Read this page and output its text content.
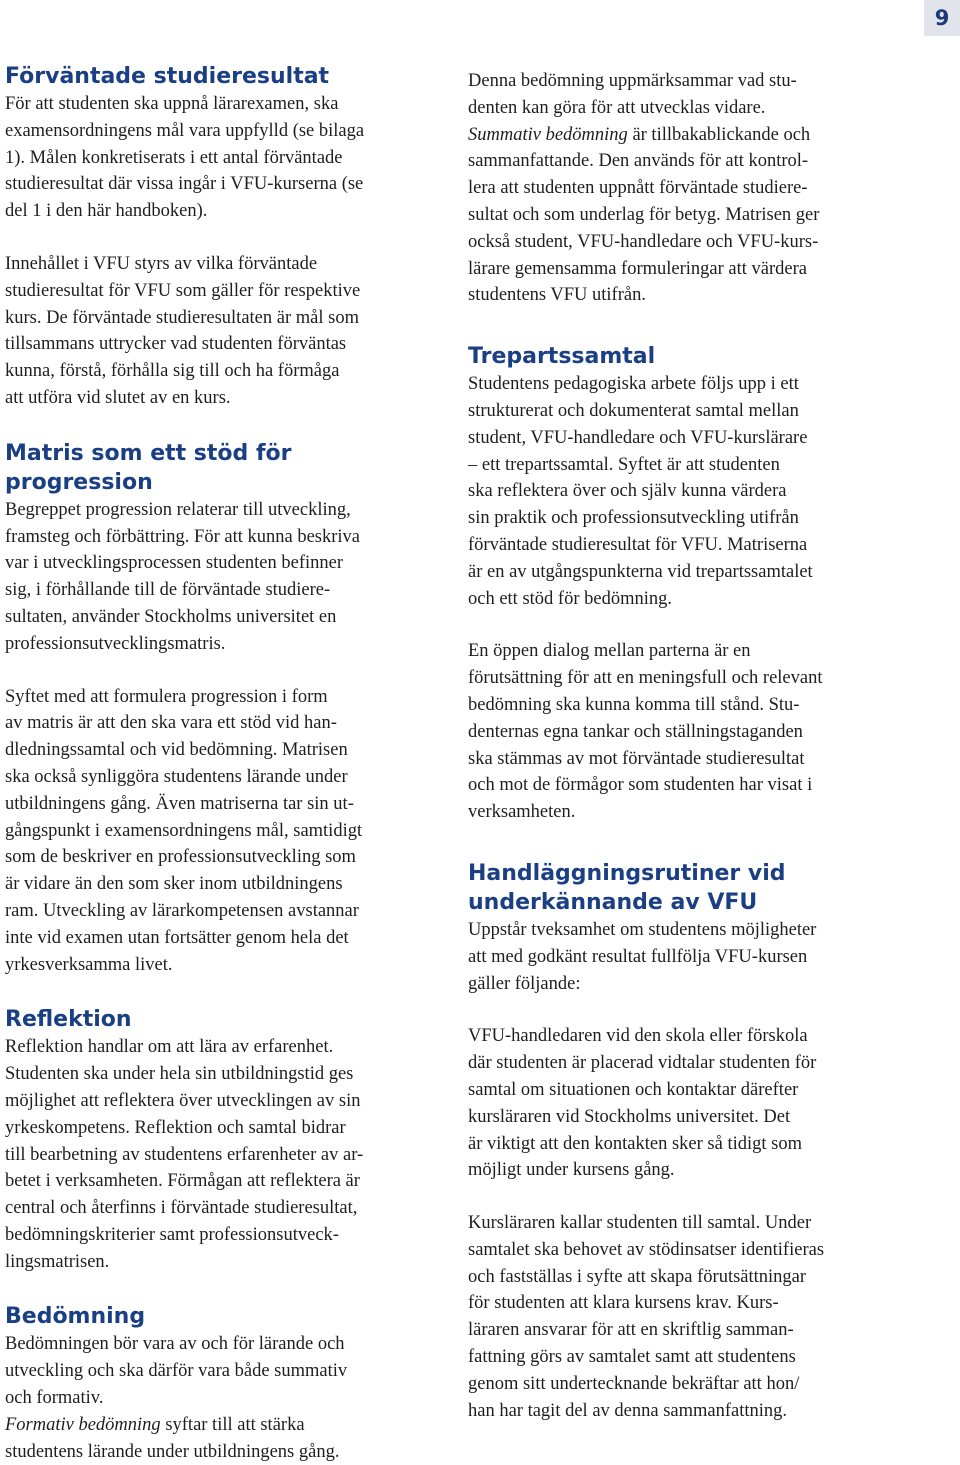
9
Förväntade studieresultat

För att studenten ska uppnå lärarexamen, ska
examensordningens mål vara uppfylld (se bilaga
1). Målen konkretiserats i ett antal förväntade
studieresultat där vissa ingår i VFU-kurserna (se
del 1 i den här handboken).

Innehållet i VFU styrs av vilka förväntade
studieresultat för VFU som gäller för respektive
kurs. De förväntade studieresultaten är mål som
tillsammans uttrycker vad studenten förväntas
kunna, förstå, förhålla sig till och ha förmåga
att utföra vid slutet av en kurs.

Matris som ett stöd för progression

Begreppet progression relaterar till utveckling,
framsteg och förbättring. För att kunna beskriva
var i utvecklingsprocessen studenten befinner
sig, i förhållande till de förväntade studiere-
sultaten, använder Stockholms universitet en
professionsutvecklingsmatris.

Syftet med att formulera progression i form
av matris är att den ska vara ett stöd vid han-
dledningssamtal och vid bedömning. Matrisen
ska också synliggöra studentens lärande under
utbildningens gång. Även matriserna tar sin ut-
gångspunkt i examensordningens mål, samtidigt
som de beskriver en professionsutveckling som
är vidare än den som sker inom utbildningens
ram. Utveckling av lärarkompetensen avstannar
inte vid examen utan fortsätter genom hela det
yrkesverksamma livet.

Reflektion

Reflektion handlar om att lära av erfarenhet.
Studenten ska under hela sin utbildningstid ges
möjlighet att reflektera över utvecklingen av sin
yrkeskompetens. Reflektion och samtal bidrar
till bearbetning av studentens erfarenheter av ar-
betet i verksamheten. Förmågan att reflektera är
central och återfinns i förväntade studieresultat,
bedömningskriterier samt professionsutveck-
lingsmatrisen.

Bedömning

Bedömningen bör vara av och för lärande och
utveckling och ska därför vara både summativ
och formativ.
Formativ bedömning syftar till att stärka
studentens lärande under utbildningens gång.

Denna bedömning uppmärksammar vad stu-
denten kan göra för att utvecklas vidare.
Summativ bedömning är tillbakablickande och
sammanfattande. Den används för att kontrol-
lera att studenten uppnått förväntade studiere-
sultat och som underlag för betyg. Matrisen ger
också student, VFU-handledare och VFU-kurs-
lärare gemensamma formuleringar att värdera
studentens VFU utifrån.

Trepartssamtal

Studentens pedagogiska arbete följs upp i ett
strukturerat och dokumenterat samtal mellan
student, VFU-handledare och VFU-kurslärare
– ett trepartssamtal. Syftet är att studenten
ska reflektera över och själv kunna värdera
sin praktik och professionsutveckling utifrån
förväntade studieresultat för VFU. Matriserna
är en av utgångspunkterna vid trepartssamtalet
och ett stöd för bedömning.

En öppen dialog mellan parterna är en
förutsättning för att en meningsfull och relevant
bedömning ska kunna komma till stånd. Stu-
denternas egna tankar och ställningstaganden
ska stämmas av mot förväntade studieresultat
och mot de förmågor som studenten har visat i
verksamheten.

Handläggningsrutiner vid
underkännande av VFU

Uppstår tveksamhet om studentens möjligheter
att med godkänt resultat fullfölja VFU-kursen
gäller följande:

VFU-handledaren vid den skola eller förskola
där studenten är placerad vidtalar studenten för
samtal om situationen och kontaktar därefter
kursläraren vid Stockholms universitet. Det
är viktigt att den kontakten sker så tidigt som
möjligt under kursens gång.

Kursläraren kallar studenten till samtal. Under
samtalet ska behovet av stödinsatser identifieras
och fastställas i syfte att skapa förutsättningar
för studenten att klara kursens krav. Kurs-
läraren ansvarar för att en skriftlig samman-
fattning görs av samtalet samt att studentens
genom sitt undertecknande bekräftar att hon/
han har tagit del av denna sammanfattning.
